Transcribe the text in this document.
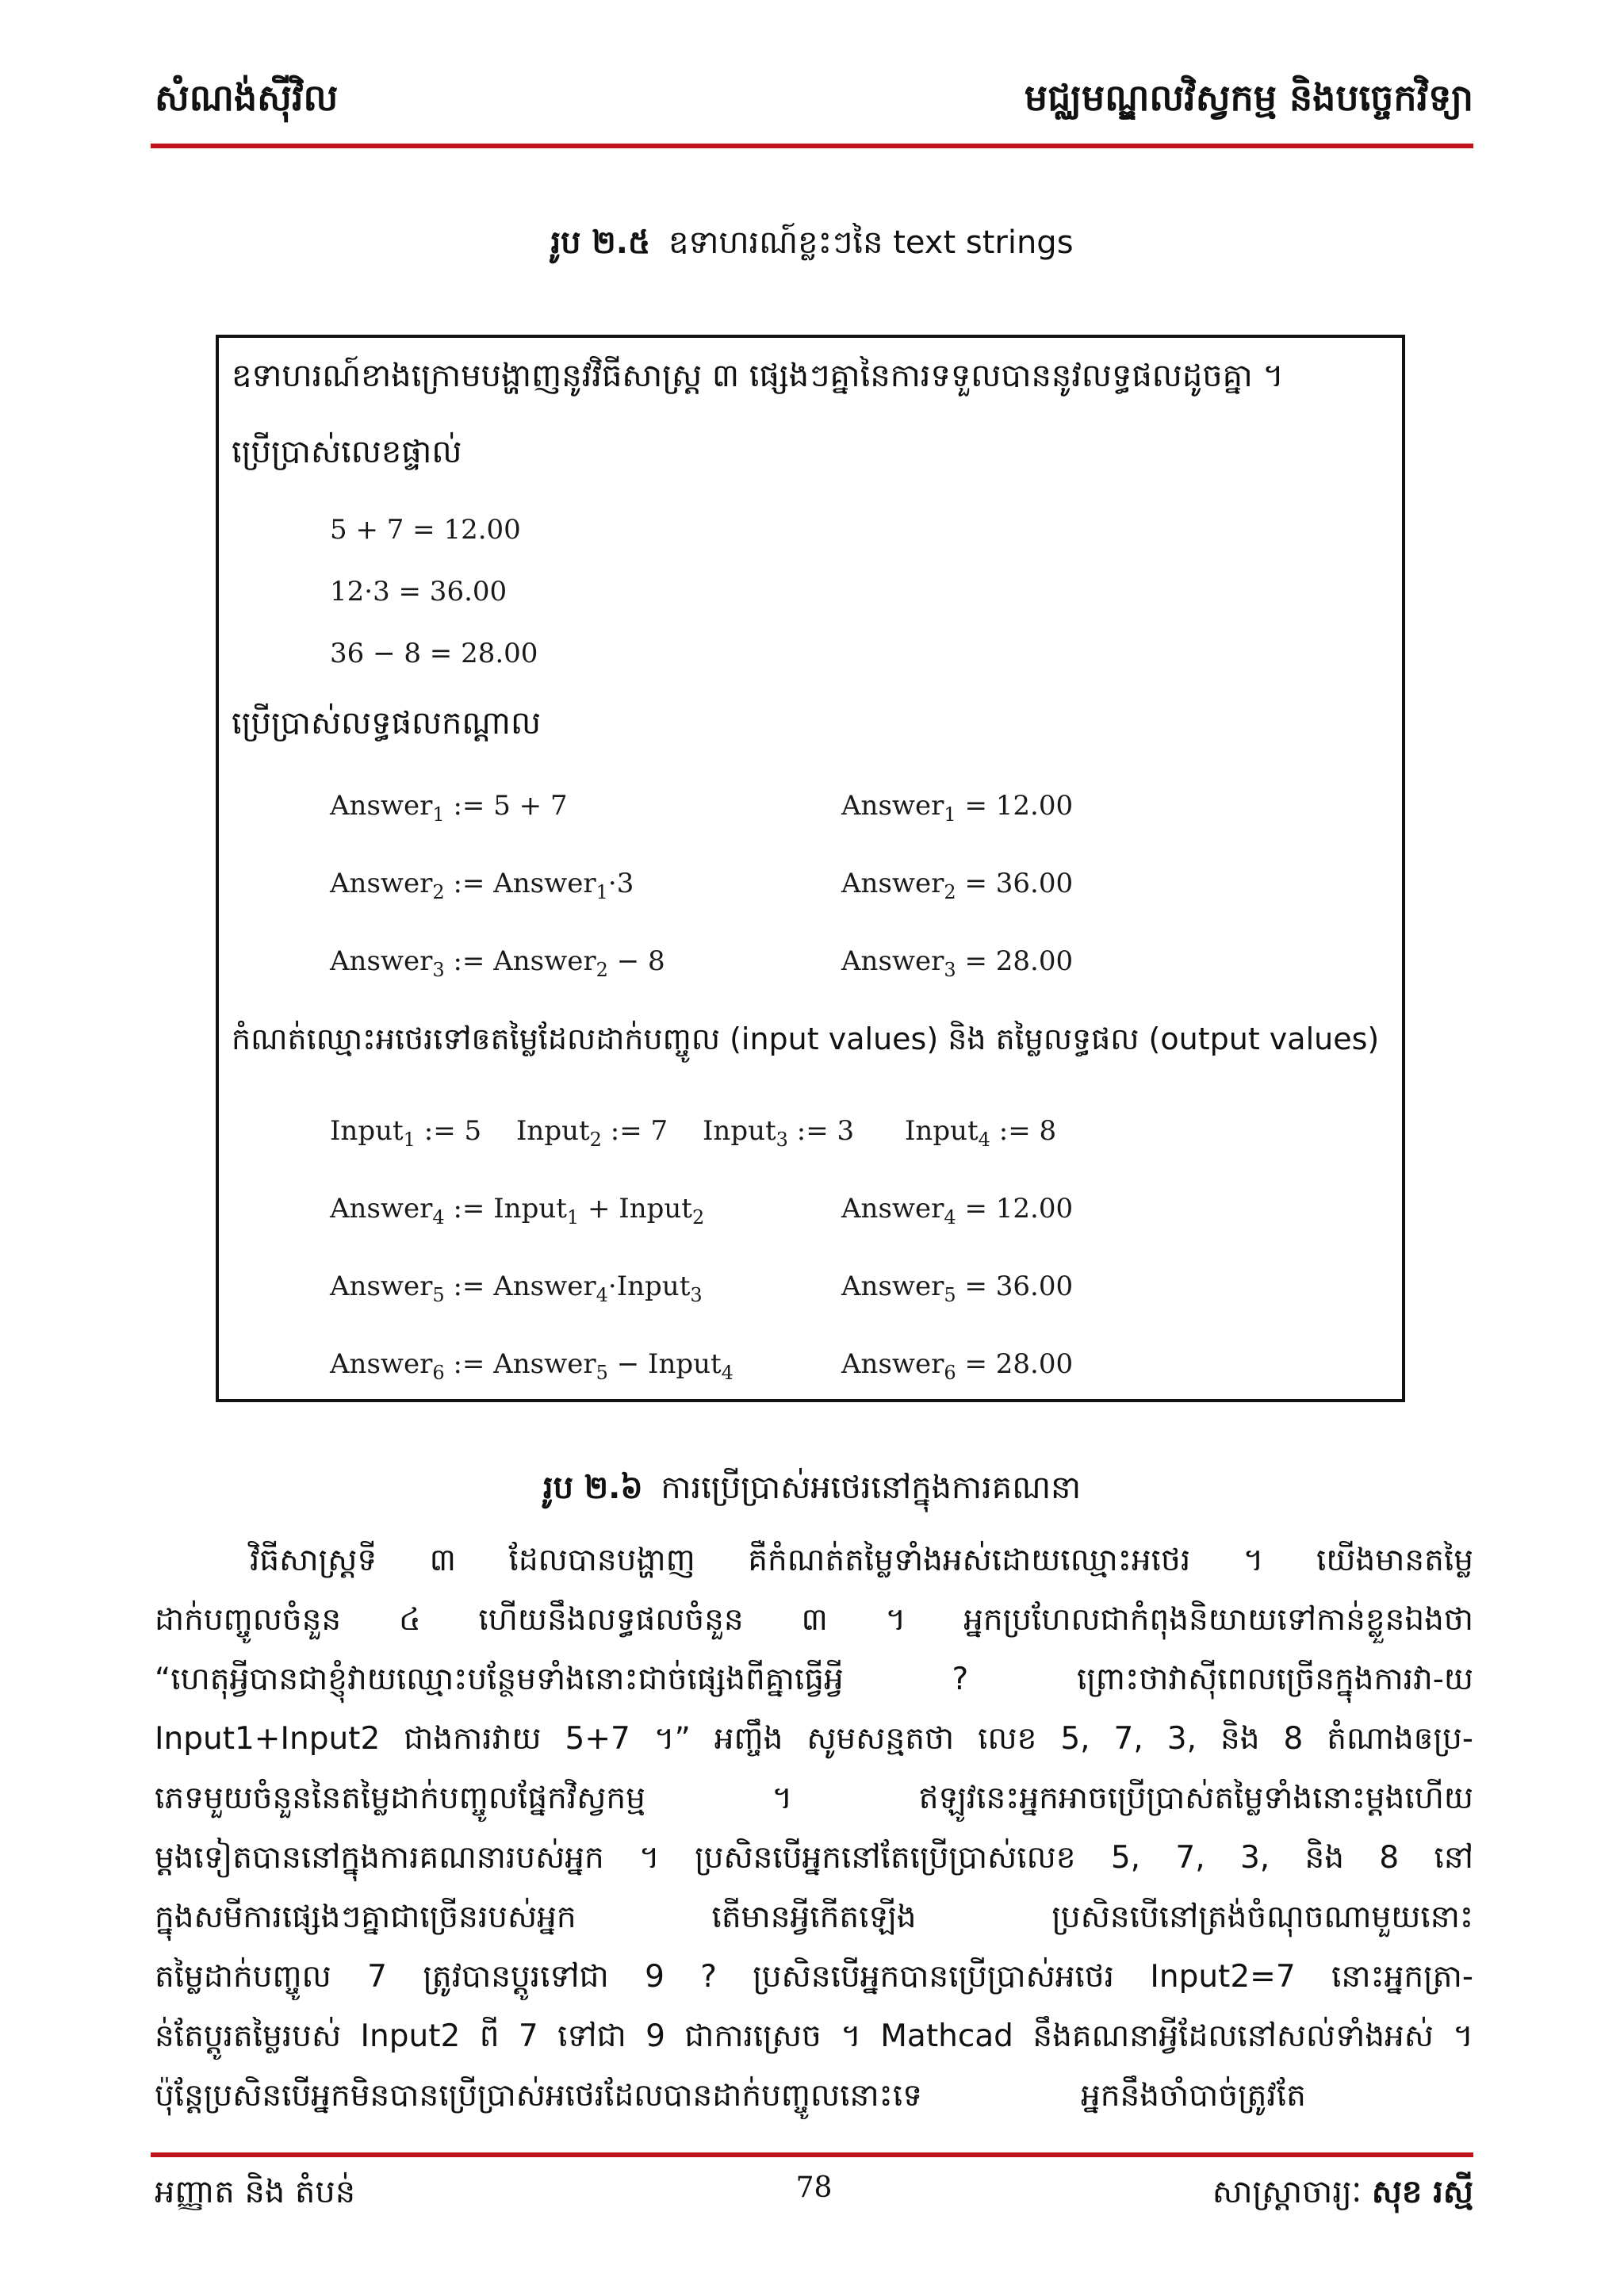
សំណង់ស៊ីវិល	មជ្ឈមណ្ឌលវិស្វកម្ម និងបច្ចេកវិទ្យា
រូប ២.៥ ឧទាហរណ៍ខ្លះៗនៃ text strings
ឧទាហរណ៍ខាងក្រោមបង្ហាញនូវវិធីសាស្ត្រ ៣ ផ្សេងៗគ្នានៃការទទួលបាននូវលទ្ធផលដូចគ្នា ។
ប្រើប្រាស់លេខផ្ទាល់
5 + 7 = 12.00
12·3 = 36.00
36 − 8 = 28.00
ប្រើប្រាស់លទ្ធផលកណ្តាល
Answer$_1$ := 5 + 7	Answer$_1$ = 12.00
Answer$_2$ := Answer$_1$·3	Answer$_2$ = 36.00
Answer$_3$ := Answer$_2$ − 8	Answer$_3$ = 28.00
កំណត់ឈ្មោះអថេរទៅឲតម្លៃដែលដាក់បញ្ចូល (input values) និង តម្លៃលទ្ធផល (output values)
Input$_1$ := 5 Input$_2$ := 7 Input$_3$ := 3 Input$_4$ := 8
Answer$_4$ := Input$_1$ + Input$_2$	Answer$_4$ = 12.00
Answer$_5$ := Answer$_4$·Input$_3$	Answer$_5$ = 36.00
Answer$_6$ := Answer$_5$ − Input$_4$	Answer$_6$ = 28.00
រូប ២.៦ ការប្រើប្រាស់អថេរនៅក្នុងការគណនា

វិធីសាស្ត្រទី ៣ ដែលបានបង្ហាញ គឺកំណត់តម្លៃទាំងអស់ដោយឈ្មោះអថេរ ។ យើងមានតម្លៃ

ដាក់បញ្ចូលចំនួន ៤ ហើយនឹងលទ្ធផលចំនួន ៣ ។ អ្នកប្រហែលជាកំពុងនិយាយទៅកាន់ខ្លួនឯងថា

“ហេតុអ្វីបានជាខ្ញុំវាយឈ្មោះបន្ថែមទាំងនោះជាច់ផ្សេងពីគ្នាធ្វើអ្វី ? ព្រោះថាវាស៊ីពេលច្រើនក្នុងការវា-យ

Input1+Input2 ជាងការវាយ 5+7 ។” អញ្ចឹង សូមសន្មតថា លេខ 5, 7, 3, និង 8 តំណាងឲប្រ-

ភេទមួយចំនួននៃតម្លៃដាក់បញ្ចូលផ្នែកវិស្វកម្ម ។ ឥឡូវនេះអ្នកអាចប្រើប្រាស់តម្លៃទាំងនោះម្តងហើយ

ម្តងទៀតបាននៅក្នុងការគណនារបស់អ្នក ។ ប្រសិនបើអ្នកនៅតែប្រើប្រាស់លេខ 5, 7, 3, និង 8 នៅ

ក្នុងសមីការផ្សេងៗគ្នាជាច្រើនរបស់អ្នក តើមានអ្វីកើតឡើង ប្រសិនបើនៅត្រង់ចំណុចណាមួយនោះ

តម្លៃដាក់បញ្ចូល 7 ត្រូវបានប្តូរទៅជា 9 ? ប្រសិនបើអ្នកបានប្រើប្រាស់អថេរ Input2=7 នោះអ្នកត្រា-

ន់តែប្តូរតម្លៃរបស់ Input2 ពី 7 ទៅជា 9 ជាការស្រេច ។ Mathcad នឹងគណនាអ្វីដែលនៅសល់ទាំងអស់ ។

ប៉ុន្តែប្រសិនបើអ្នកមិនបានប្រើប្រាស់អថេរដែលបានដាក់បញ្ចូលនោះទេ	អ្នកនឹងចាំបាច់ត្រូវតែ

អញ្ញាត និង តំបន់	78	សាស្ត្រាចារ្យៈ សុខ រស្មី
